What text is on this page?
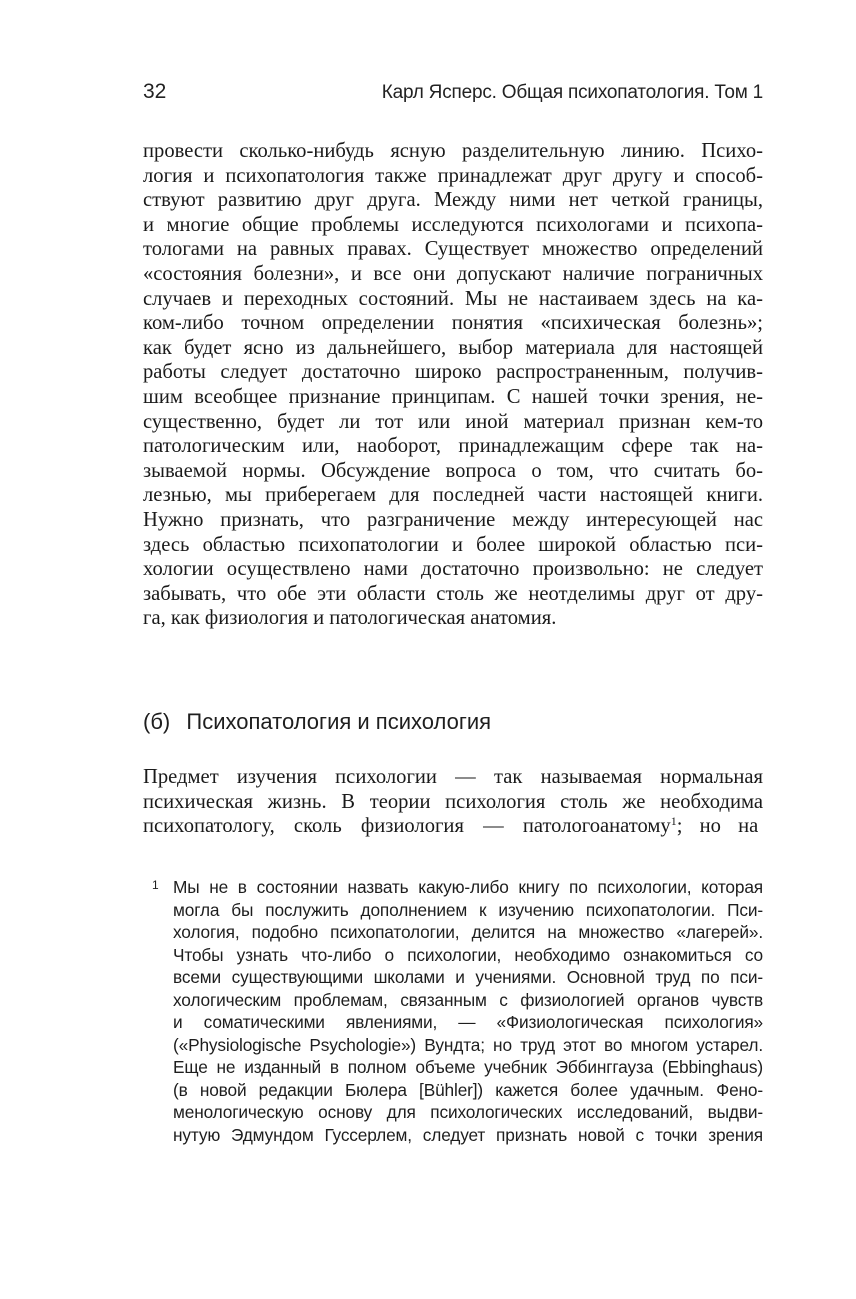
32	Карл Ясперс. Общая психопатология. Том 1
провести сколько-нибудь ясную разделительную линию. Психо-
логия и психопатология также принадлежат друг другу и способ-
ствуют развитию друг друга. Между ними нет четкой границы,
и многие общие проблемы исследуются психологами и психопа-
тологами на равных правах. Существует множество определений
«состояния болезни», и все они допускают наличие пограничных
случаев и переходных состояний. Мы не настаиваем здесь на ка-
ком-либо точном определении понятия «психическая болезнь»;
как будет ясно из дальнейшего, выбор материала для настоящей
работы следует достаточно широко распространенным, получив-
шим всеобщее признание принципам. С нашей точки зрения, не-
существенно, будет ли тот или иной материал признан кем-то
патологическим или, наоборот, принадлежащим сфере так на-
зываемой нормы. Обсуждение вопроса о том, что считать бо-
лезнью, мы приберегаем для последней части настоящей книги.
Нужно признать, что разграничение между интересующей нас
здесь областью психопатологии и более широкой областью пси-
хологии осуществлено нами достаточно произвольно: не следует
забывать, что обе эти области столь же неотделимы друг от дру-
га, как физиология и патологическая анатомия.
(б) Психопатология и психология
Предмет изучения психологии — так называемая нормальная
психическая жизнь. В теории психология столь же необходима
психопатологу, сколь физиология — патологоанатому$^1$; но на
1 Мы не в состоянии назвать какую-либо книгу по психологии, которая
могла бы послужить дополнением к изучению психопатологии. Пси-
хология, подобно психопатологии, делится на множество «лагерей».
Чтобы узнать что-либо о психологии, необходимо ознакомиться со
всеми существующими школами и учениями. Основной труд по пси-
хологическим проблемам, связанным с физиологией органов чувств
и соматическими явлениями, — «Физиологическая психология»
(«Physiologische Psychologie») Вундта; но труд этот во многом устарел.
Еще не изданный в полном объеме учебник Эббинггауза (Ebbinghaus)
(в новой редакции Бюлера [Bühler]) кажется более удачным. Фено-
менологическую основу для психологических исследований, выдви-
нутую Эдмундом Гуссерлем, следует признать новой с точки зрения
